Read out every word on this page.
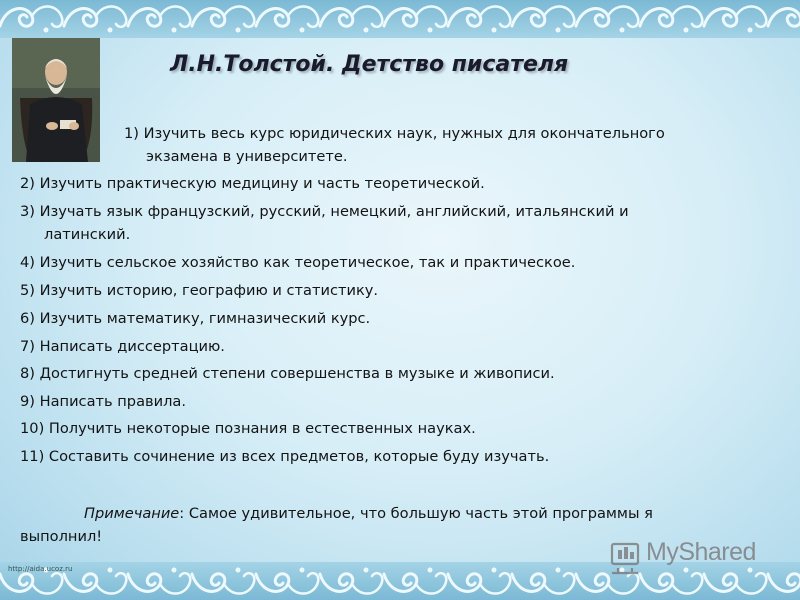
Л.Н.Толстой. Детство писателя
1) Изучить весь курс юридических наук, нужных для окончательного
экзамена в университете.
2) Изучить практическую медицину и часть теоретической.
3) Изучать язык французский, русский, немецкий, английский, итальянский и
латинский.
4) Изучить сельское хозяйство как теоретическое, так и практическое.
5) Изучить историю, географию и статистику.
6) Изучить математику, гимназический курс.
7) Написать диссертацию.
8) Достигнуть средней степени совершенства в музыке и живописи.
9) Написать правила.
10) Получить некоторые познания в естественных науках.
11) Составить сочинение из всех предметов, которые буду изучать.
Примечание : Самое удивительное, что большую часть этой программы я
выполнил!
http://aida.ucoz.ru
MyShared
